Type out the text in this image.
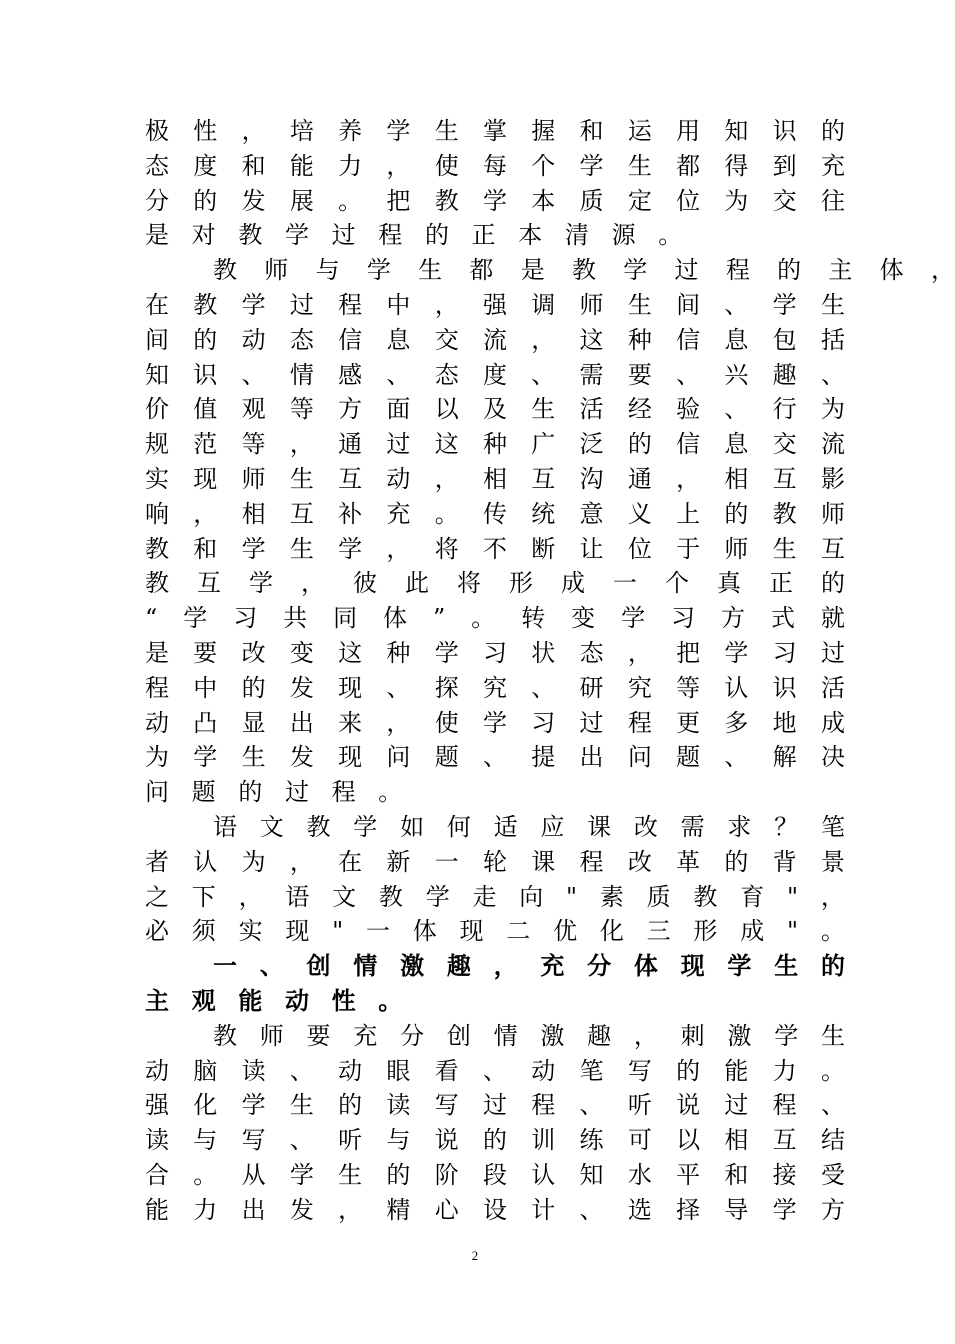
极 性 ， 培 养 学 生 掌 握 和 运 用 知 识 的
态 度 和 能 力 ， 使 每 个 学 生 都 得 到 充
分 的 发 展 。 把 教 学 本 质 定 位 为 交 往
是 对 教 学 过 程 的 正 本 清 源 。
教 师 与 学 生 都 是 教 学 过 程 的 主 体 ，
在 教 学 过 程 中 ， 强 调 师 生 间 、 学 生
间 的 动 态 信 息 交 流 ， 这 种 信 息 包 括
知 识 、 情 感 、 态 度 、 需 要 、 兴 趣 、
价 值 观 等 方 面 以 及 生 活 经 验 、 行 为
规 范 等 ， 通 过 这 种 广 泛 的 信 息 交 流
实 现 师 生 互 动 ， 相 互 沟 通 ， 相 互 影
响 ， 相 互 补 充 。 传 统 意 义 上 的 教 师
教 和 学 生 学 ， 将 不 断 让 位 于 师 生 互
教 互 学 ， 彼 此 将 形 成 一 个 真 正 的
“ 学 习 共 同 体 ” 。 转 变 学 习 方 式 就
是 要 改 变 这 种 学 习 状 态 ， 把 学 习 过
程 中 的 发 现 、 探 究 、 研 究 等 认 识 活
动 凸 显 出 来 ， 使 学 习 过 程 更 多 地 成
为 学 生 发 现 问 题 、 提 出 问 题 、 解 决
问 题 的 过 程 。
语 文 教 学 如 何 适 应 课 改 需 求 ？ 笔
者 认 为 ， 在 新 一 轮 课 程 改 革 的 背 景
之 下 ， 语 文 教 学 走 向 " 素 质 教 育 " ，
必 须 实 现 " 一 体 现 二 优 化 三 形 成 " 。
一 、 创 情 激 趣 ， 充 分 体 现 学 生 的
主 观 能 动 性 。
教 师 要 充 分 创 情 激 趣 ， 刺 激 学 生
动 脑 读 、 动 眼 看 、 动 笔 写 的 能 力 。
强 化 学 生 的 读 写 过 程 、 听 说 过 程 、
读 与 写 、 听 与 说 的 训 练 可 以 相 互 结
合 。 从 学 生 的 阶 段 认 知 水 平 和 接 受
能 力 出 发 ， 精 心 设 计 、 选 择 导 学 方
2
